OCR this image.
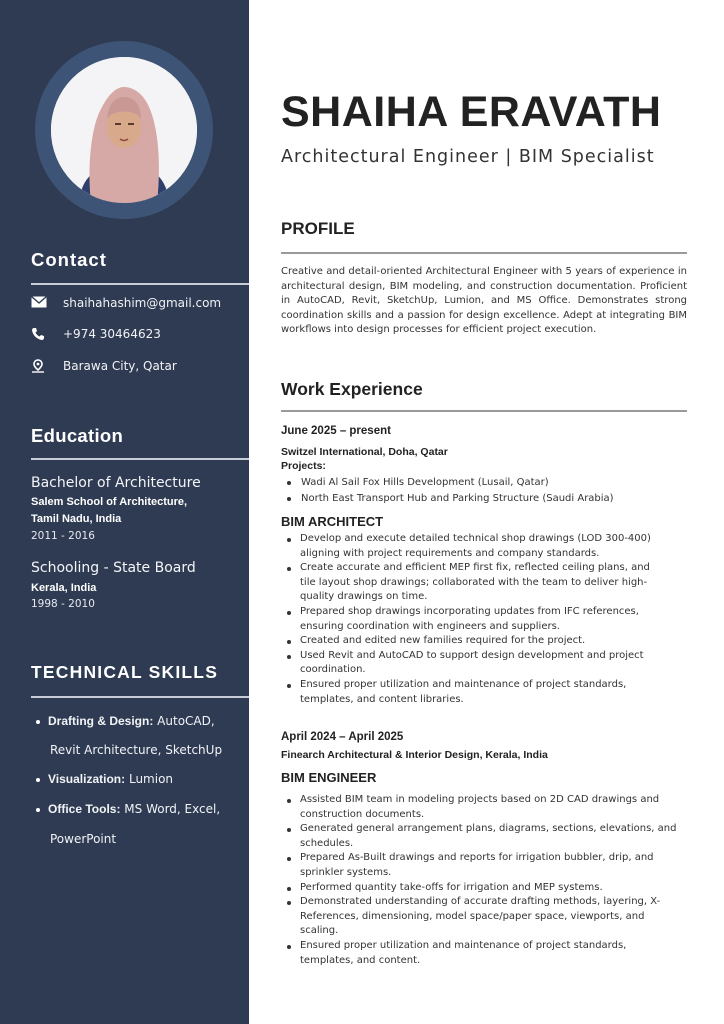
Contact
shaihahashim@gmail.com
+974 30464623
Barawa City, Qatar
Education
Bachelor of Architecture
Salem School of Architecture,
Tamil Nadu, India
2011 - 2016
Schooling - State Board
Kerala, India
1998 - 2010
TECHNICAL SKILLS
Drafting & Design: AutoCAD,
Revit Architecture, SketchUp
Visualization: Lumion
Office Tools: MS Word, Excel,
PowerPoint
SHAIHA ERAVATH
Architectural Engineer | BIM Specialist
PROFILE
Creative and detail-oriented Architectural Engineer with 5 years of experience in architectural design, BIM modeling, and construction documentation. Proficient in AutoCAD, Revit, SketchUp, Lumion, and MS Office. Demonstrates strong coordination skills and a passion for design excellence. Adept at integrating BIM workflows into design processes for efficient project execution.
Work Experience
June 2025 – present
Switzel International, Doha, Qatar
Projects:
Wadi Al Sail Fox Hills Development (Lusail, Qatar)
North East Transport Hub and Parking Structure (Saudi Arabia)
BIM ARCHITECT
Develop and execute detailed technical shop drawings (LOD 300-400) aligning with project requirements and company standards.
Create accurate and efficient MEP first fix, reflected ceiling plans, and tile layout shop drawings; collaborated with the team to deliver high-quality drawings on time.
Prepared shop drawings incorporating updates from IFC references, ensuring coordination with engineers and suppliers.
Created and edited new families required for the project.
Used Revit and AutoCAD to support design development and project coordination.
Ensured proper utilization and maintenance of project standards, templates, and content libraries.
April 2024 – April 2025
Finearch Architectural & Interior Design, Kerala, India
BIM ENGINEER
Assisted BIM team in modeling projects based on 2D CAD drawings and construction documents.
Generated general arrangement plans, diagrams, sections, elevations, and schedules.
Prepared As-Built drawings and reports for irrigation bubbler, drip, and sprinkler systems.
Performed quantity take-offs for irrigation and MEP systems.
Demonstrated understanding of accurate drafting methods, layering, X-References, dimensioning, model space/paper space, viewports, and scaling.
Ensured proper utilization and maintenance of project standards, templates, and content.
